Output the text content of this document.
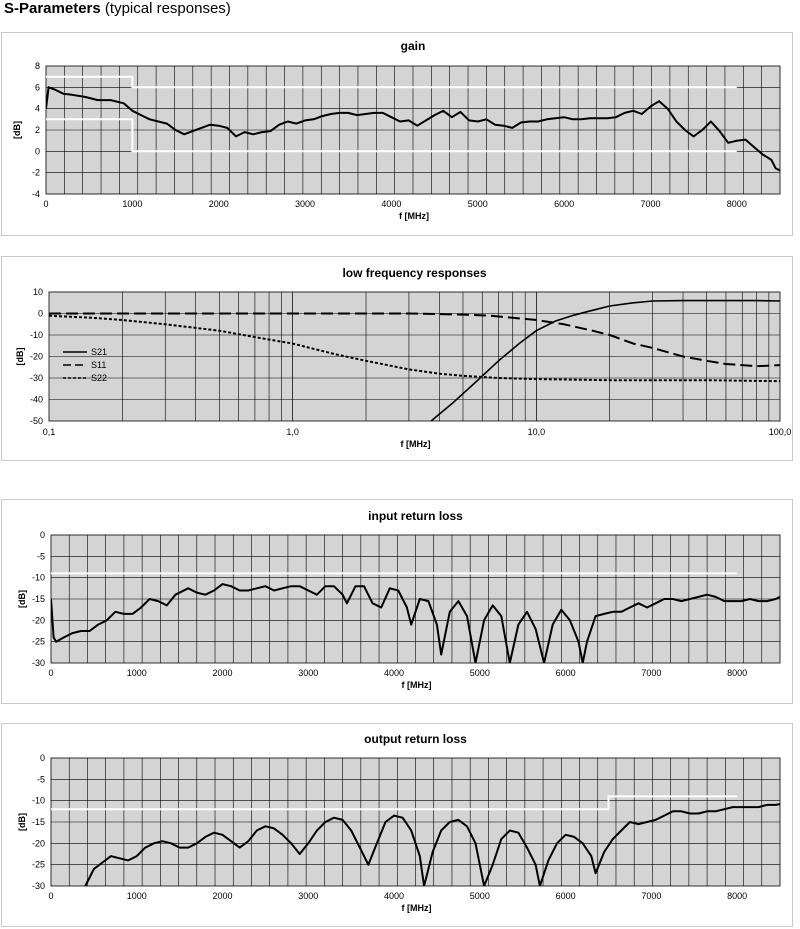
S-Parameters (typical responses)
gain
-4
-2
0
2
4
6
8
0	1000	2000	3000	4000	5000	6000	7000	8000
f [MHz]
[dB]
low frequency responses
-50
-40
-30
-20
-10
0
10
0,1	1,0	10,0	100,0
f [MHz]
[dB]	S21
S11
S22
input return loss
-30
-25
-20
-15
-10
-5
0
0	1000	2000	3000	4000	5000	6000	7000	8000
f [MHz]
[dB]
output return loss
-30
-25
-20
-15
-10
-5
0
0	1000	2000	3000	4000	5000	6000	7000	8000
f [MHz]
[dB]
